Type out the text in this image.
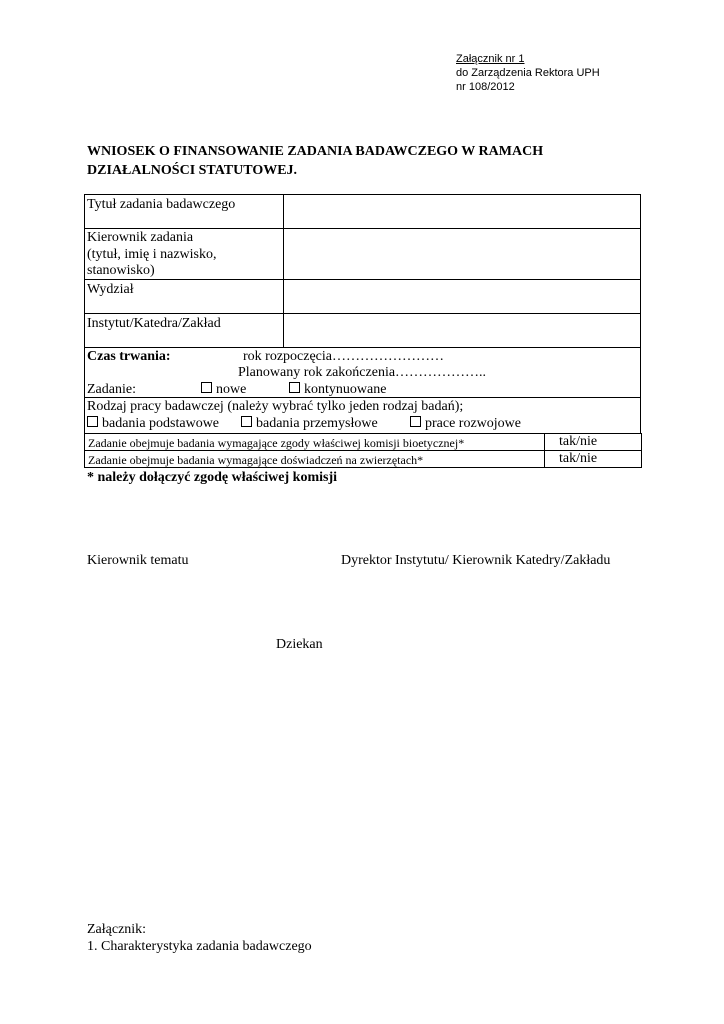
Załącznik nr 1
do Zarządzenia Rektora UPH
nr 108/2012
WNIOSEK O FINANSOWANIE ZADANIA BADAWCZEGO W RAMACH
DZIAŁALNOŚCI STATUTOWEJ.
Tytuł zadania badawczego
Kierownik zadania
(tytuł, imię i nazwisko,
stanowisko)
Wydział
Instytut/Katedra/Zakład
Czas trwania:	rok rozpoczęcia……………………
Planowany rok zakończenia………………..
Zadanie:	nowe	kontynuowane
Rodzaj pracy badawczej (należy wybrać tylko jeden rodzaj badań);
badania podstawowe	badania przemysłowe	prace rozwojowe
Zadanie obejmuje badania wymagające zgody właściwej komisji bioetycznej*	tak/nie
Zadanie obejmuje badania wymagające doświadczeń na zwierzętach*	tak/nie
* należy dołączyć zgodę właściwej komisji
Kierownik tematu	Dyrektor Instytutu/ Kierownik Katedry/Zakładu
Dziekan
Załącznik:
1. Charakterystyka zadania badawczego
